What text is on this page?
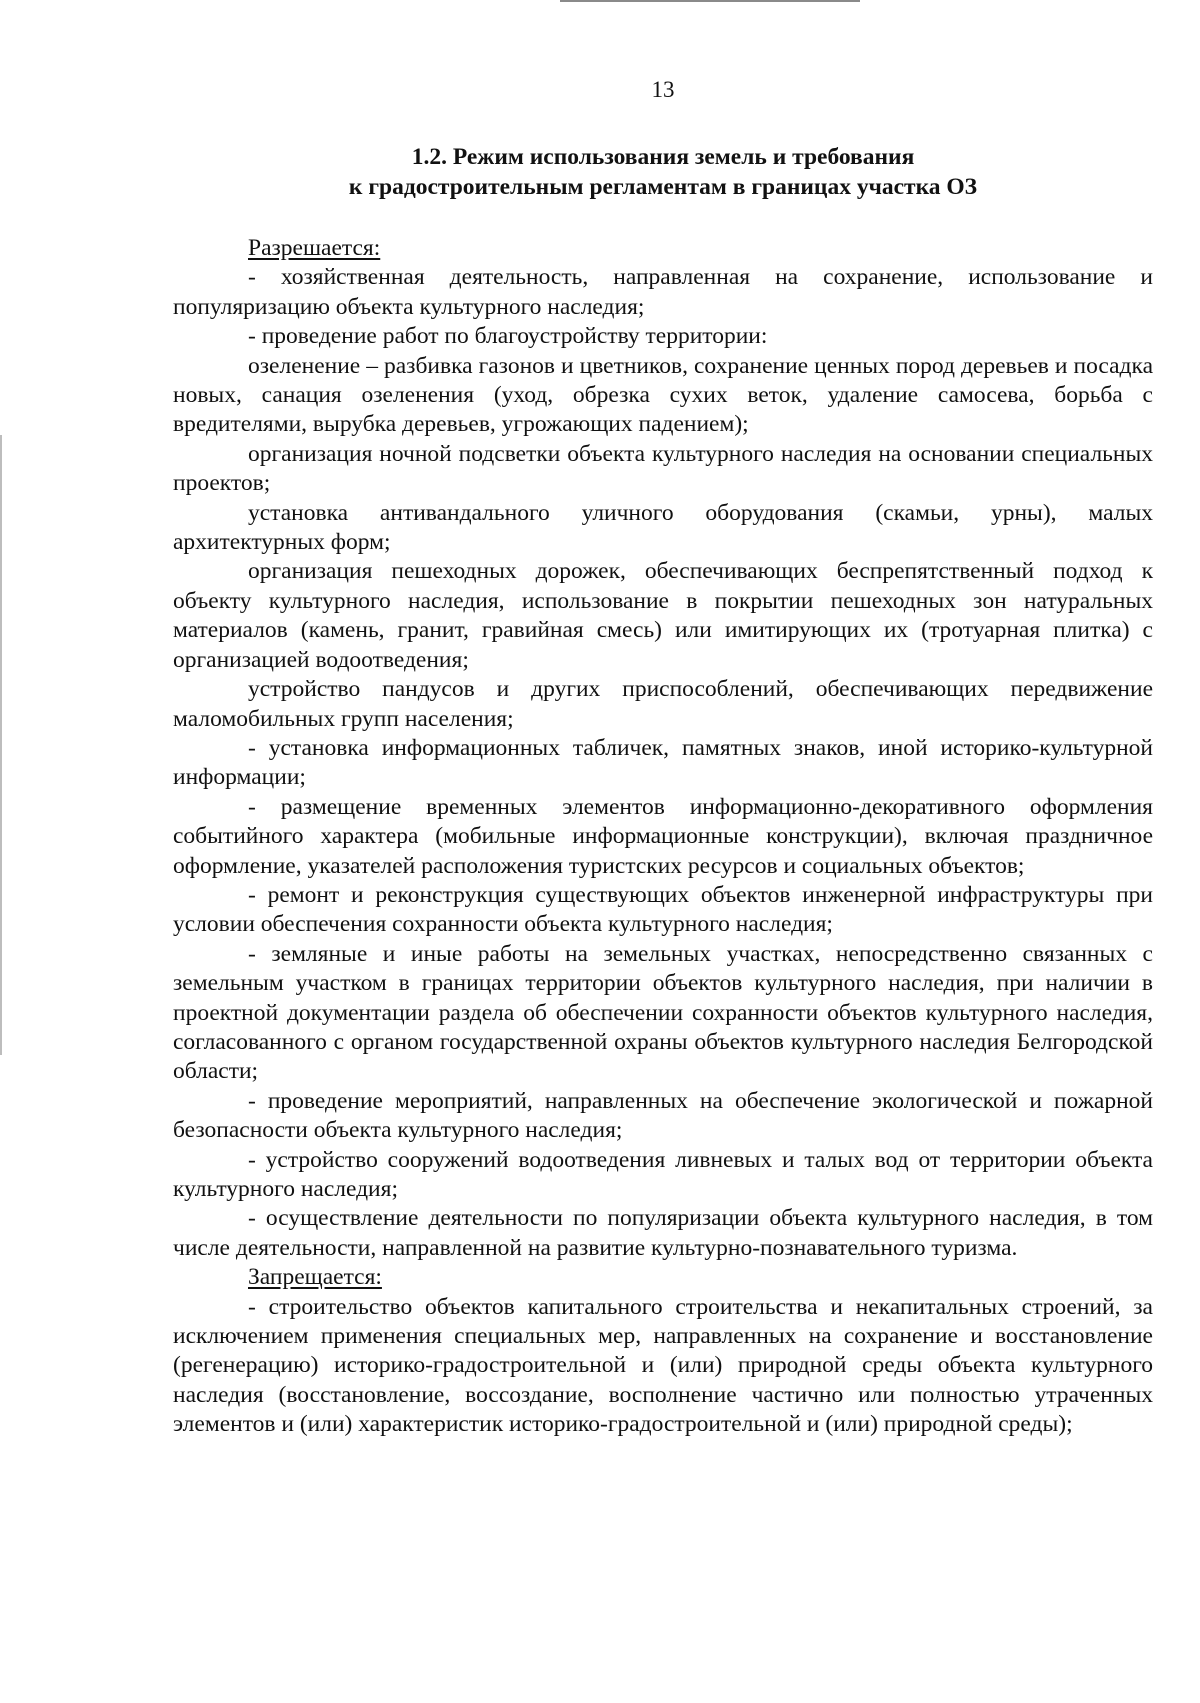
13
1.2. Режим использования земель и требования
к градостроительным регламентам в границах участка ОЗ
Разрешается:

- хозяйственная деятельность, направленная на сохранение, использование и популяризацию объекта культурного наследия;

- проведение работ по благоустройству территории:

озеленение – разбивка газонов и цветников, сохранение ценных пород деревьев и посадка новых, санация озеленения (уход, обрезка сухих веток, удаление самосева, борьба с вредителями, вырубка деревьев, угрожающих падением);

организация ночной подсветки объекта культурного наследия на основании специальных проектов;

установка антивандального уличного оборудования (скамьи, урны), малых архитектурных форм;

организация пешеходных дорожек, обеспечивающих беспрепятственный подход к объекту культурного наследия, использование в покрытии пешеходных зон натуральных материалов (камень, гранит, гравийная смесь) или имитирующих их (тротуарная плитка) с организацией водоотведения;

устройство пандусов и других приспособлений, обеспечивающих передвижение маломобильных групп населения;

- установка информационных табличек, памятных знаков, иной историко-культурной информации;

- размещение временных элементов информационно-декоративного оформления событийного характера (мобильные информационные конструкции), включая праздничное оформление, указателей расположения туристских ресурсов и социальных объектов;

- ремонт и реконструкция существующих объектов инженерной инфраструктуры при условии обеспечения сохранности объекта культурного наследия;

- земляные и иные работы на земельных участках, непосредственно связанных с земельным участком в границах территории объектов культурного наследия, при наличии в проектной документации раздела об обеспечении сохранности объектов культурного наследия, согласованного с органом государственной охраны объектов культурного наследия Белгородской области;

- проведение мероприятий, направленных на обеспечение экологической и пожарной безопасности объекта культурного наследия;

- устройство сооружений водоотведения ливневых и талых вод от территории объекта культурного наследия;

- осуществление деятельности по популяризации объекта культурного наследия, в том числе деятельности, направленной на развитие культурно-познавательного туризма.

Запрещается:

- строительство объектов капитального строительства и некапитальных строений, за исключением применения специальных мер, направленных на сохранение и восстановление (регенерацию) историко-градостроительной и (или) природной среды объекта культурного наследия (восстановление, воссоздание, восполнение частично или полностью утраченных элементов и (или) характеристик историко-градостроительной и (или) природной среды);
